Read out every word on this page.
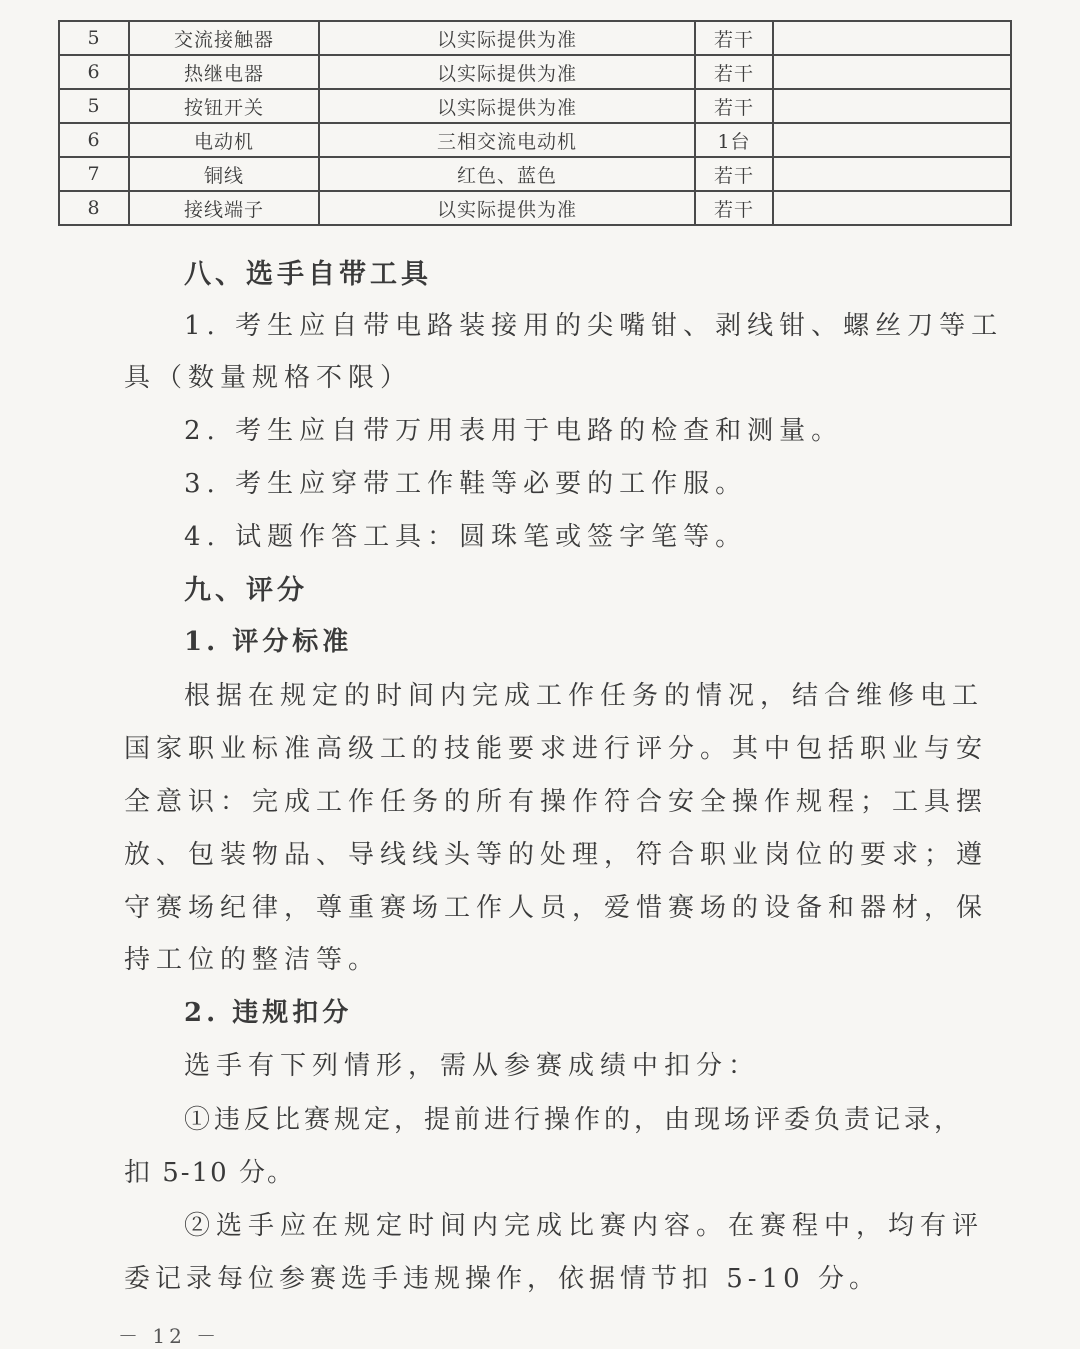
5	交流接触器	以实际提供为准	若干	
6	热继电器	以实际提供为准	若干	
5	按钮开关	以实际提供为准	若干	
6	电动机	三相交流电动机	1台	
7	铜线	红色、蓝色	若干	
8	接线端子	以实际提供为准	若干	
八、选手自带工具
1. 考生应自带电路装接用的尖嘴钳、剥线钳、螺丝刀等工
具（数量规格不限）
2. 考生应自带万用表用于电路的检查和测量。
3. 考生应穿带工作鞋等必要的工作服。
4. 试题作答工具：圆珠笔或签字笔等。
九、评分
1. 评分标准
根据在规定的时间内完成工作任务的情况，结合维修电工
国家职业标准高级工的技能要求进行评分。其中包括职业与安
全意识：完成工作任务的所有操作符合安全操作规程；工具摆
放、包装物品、导线线头等的处理，符合职业岗位的要求；遵
守赛场纪律，尊重赛场工作人员，爱惜赛场的设备和器材，保
持工位的整洁等。
2. 违规扣分
选手有下列情形，需从参赛成绩中扣分：
①违反比赛规定，提前进行操作的，由现场评委负责记录，
扣 5-10 分。
②选手应在规定时间内完成比赛内容。在赛程中，均有评
委记录每位参赛选手违规操作，依据情节扣 5-10 分。
－ 12 －
